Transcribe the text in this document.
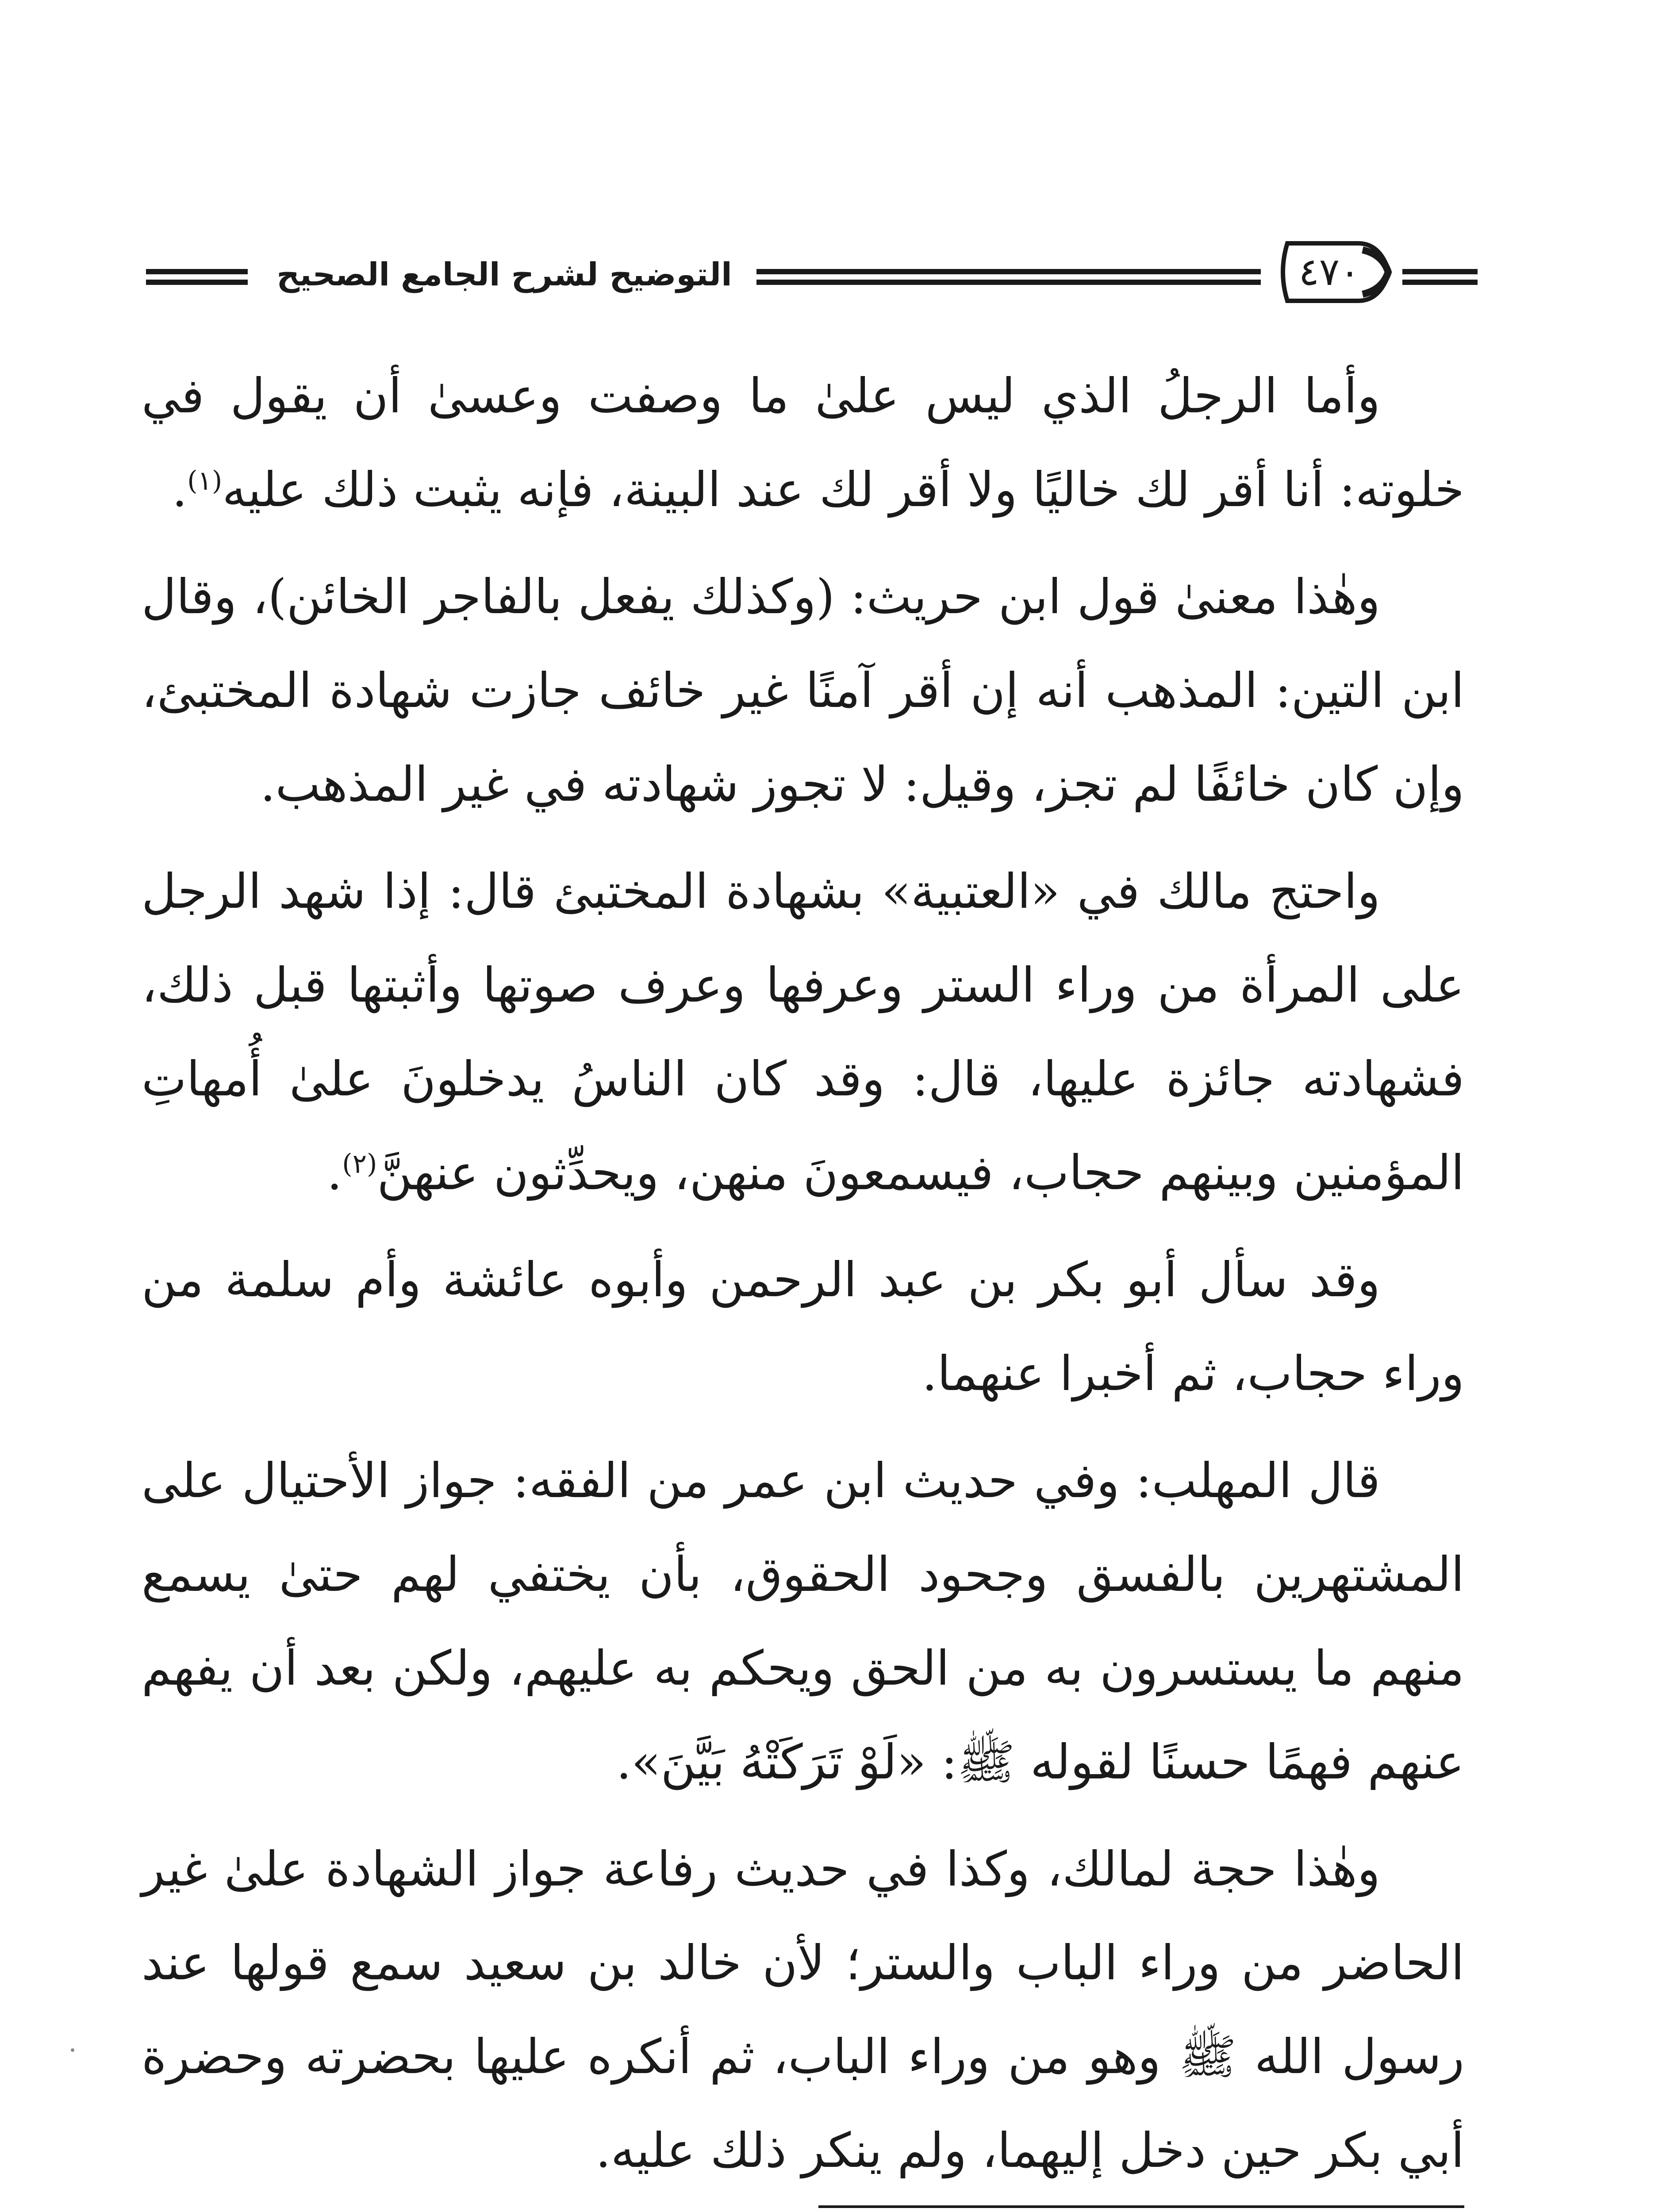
التوضيح لشرح الجامع الصحيح	٤٧٠

وأما الرجلُ الذي ليس علىٰ ما وصفت وعسىٰ أن يقول في خلوته: أنا أقر لك خاليًا ولا أقر لك عند البينة، فإنه يثبت ذلك عليه$^{(١)}$.

وهٰذا معنىٰ قول ابن حريث: (وكذلك يفعل بالفاجر الخائن)، وقال ابن التين: المذهب أنه إن أقر آمنًا غير خائف جازت شهادة المختبئ، وإن كان خائفًا لم تجز، وقيل: لا تجوز شهادته في غير المذهب.

واحتج مالك في «العتبية» بشهادة المختبئ قال: إذا شهد الرجل على المرأة من وراء الستر وعرفها وعرف صوتها وأثبتها قبل ذلك، فشهادته جائزة عليها، قال: وقد كان الناسُ يدخلونَ علىٰ أُمهاتِ المؤمنين وبينهم حجاب، فيسمعونَ منهن، ويحدِّثون عنهنَّ$^{(٢)}$.

وقد سأل أبو بكر بن عبد الرحمن وأبوه عائشة وأم سلمة من وراء حجاب، ثم أخبرا عنهما.

قال المهلب: وفي حديث ابن عمر من الفقه: جواز الأحتيال على المشتهرين بالفسق وجحود الحقوق، بأن يختفي لهم حتىٰ يسمع منهم ما يستسرون به من الحق ويحكم به عليهم، ولكن بعد أن يفهم عنهم فهمًا حسنًا لقوله ﷺ: «لَوْ تَرَكَتْهُ بَيَّنَ».

وهٰذا حجة لمالك، وكذا في حديث رفاعة جواز الشهادة علىٰ غير الحاضر من وراء الباب والستر؛ لأن خالد بن سعيد سمع قولها عند رسول الله ﷺ وهو من وراء الباب، ثم أنكره عليها بحضرته وحضرة أبي بكر حين دخل إليهما، ولم ينكر ذلك عليه.
